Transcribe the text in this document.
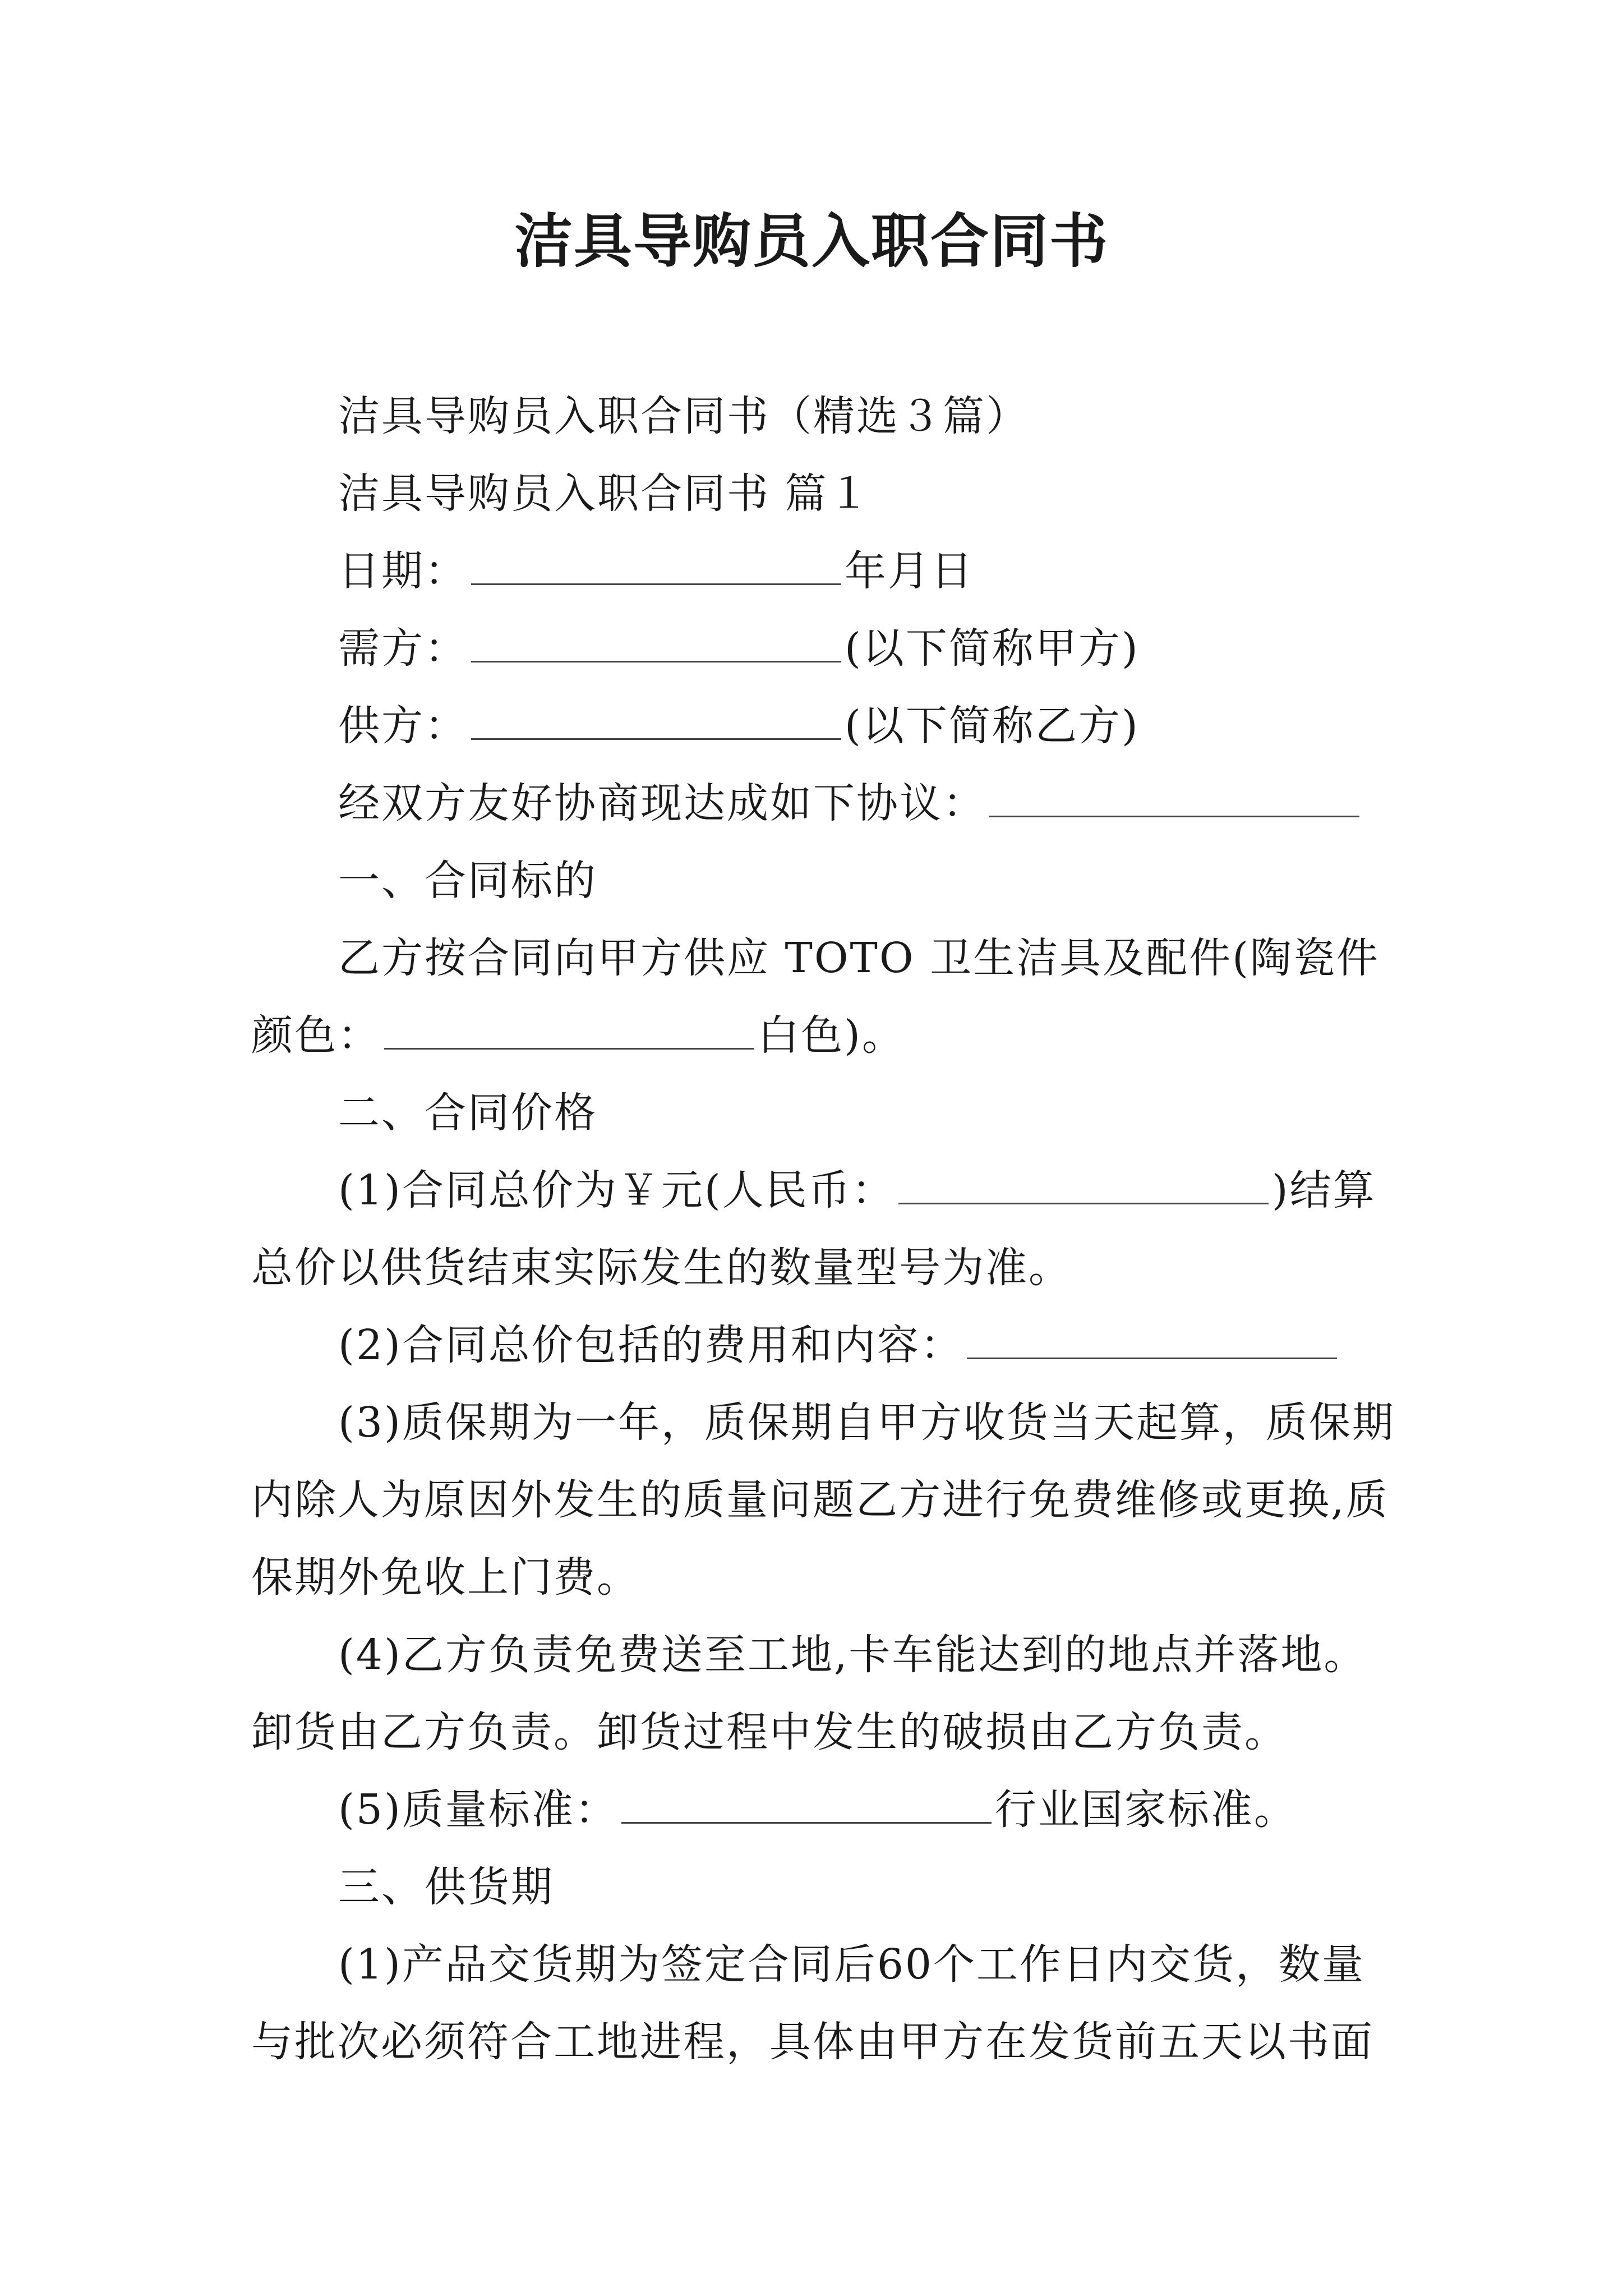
洁具导购员入职合同书

洁具导购员入职合同书（精选３篇）

洁具导购员入职合同书 篇１

日期：	年月日

需方：	(以下简称甲方)

供方：	(以下简称乙方)

经双方友好协商现达成如下协议：

一、合同标的

乙方按合同向甲方供应 TOTO 卫生洁具及配件(陶瓷件颜色：	白色)。

二、合同价格

(1)合同总价为￥元(人民币：	)结算总价以供货结束实际发生的数量型号为准。

(2)合同总价包括的费用和内容：

(3)质保期为一年，质保期自甲方收货当天起算，质保期内除人为原因外发生的质量问题乙方进行免费维修或更换,质保期外免收上门费。

(4)乙方负责免费送至工地,卡车能达到的地点并落地。卸货由乙方负责。卸货过程中发生的破损由乙方负责。

(5)质量标准：	行业国家标准。

三、供货期

(1)产品交货期为签定合同后60个工作日内交货，数量与批次必须符合工地进程，具体由甲方在发货前五天以书面
